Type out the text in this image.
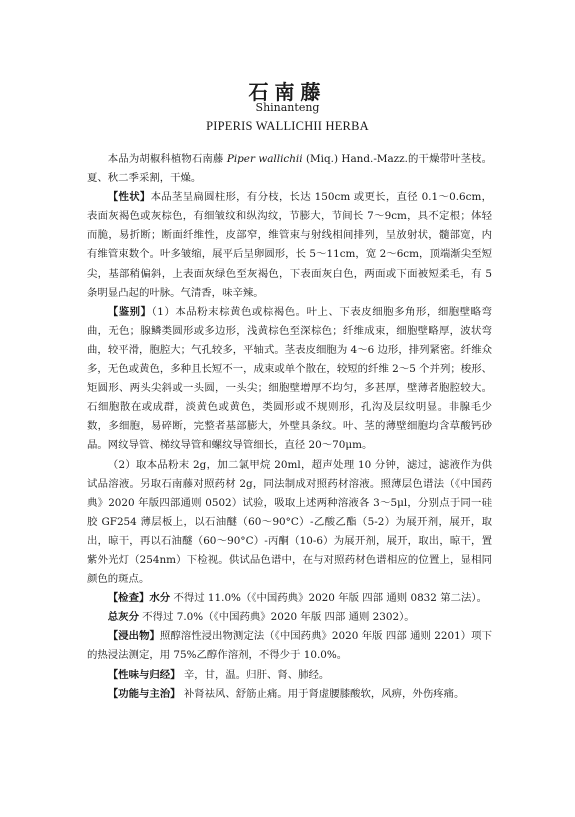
石南藤
Shinanteng
PIPERIS WALLICHII HERBA

本品为胡椒科植物石南藤 Piper wallichii (Miq.) Hand.-Mazz.的干燥带叶茎枝。夏、秋二季采割，干燥。

【性状】本品茎呈扁圆柱形，有分枝，长达 150cm 或更长，直径 0.1～0.6cm，表面灰褐色或灰棕色，有细皱纹和纵沟纹，节膨大，节间长 7～9cm，具不定根；体轻而脆，易折断；断面纤维性，皮部窄，维管束与射线相间排列，呈放射状，髓部宽，内有维管束数个。叶多皱缩，展平后呈卵圆形，长 5～11cm，宽 2～6cm，顶端渐尖至短尖，基部稍偏斜，上表面灰绿色至灰褐色，下表面灰白色，两面或下面被短柔毛，有 5 条明显凸起的叶脉。气清香，味辛辣。

【鉴别】（1）本品粉末棕黄色或棕褐色。叶上、下表皮细胞多角形，细胞壁略弯曲，无色；腺鳞类圆形或多边形，浅黄棕色至深棕色；纤维成束，细胞壁略厚，波状弯曲，较平滑，胞腔大；气孔较多，平轴式。茎表皮细胞为 4～6 边形，排列紧密。纤维众多，无色或黄色，多种且长短不一，成束或单个散在，较短的纤维 2～5 个并列；梭形、矩圆形、两头尖斜或一头圆，一头尖；细胞壁增厚不均匀，多甚厚，壁薄者胞腔较大。石细胞散在或成群，淡黄色或黄色，类圆形或不规则形，孔沟及层纹明显。非腺毛少数，多细胞，易碎断，完整者基部膨大，外壁具条纹。叶、茎的薄壁细胞均含草酸钙砂晶。网纹导管、梯纹导管和螺纹导管细长，直径 20～70μm。

（2）取本品粉末 2g，加二氯甲烷 20ml，超声处理 10 分钟，滤过，滤液作为供试品溶液。另取石南藤对照药材 2g，同法制成对照药材溶液。照薄层色谱法（《中国药典》2020 年版四部通则 0502）试验，吸取上述两种溶液各 3～5μl，分别点于同一硅胶 GF254 薄层板上，以石油醚（60～90°C）-乙酸乙酯（5-2）为展开剂，展开，取出，晾干，再以石油醚（60～90°C）-丙酮（10-6）为展开剂，展开，取出，晾干，置紫外光灯（254nm）下检视。供试品色谱中，在与对照药材色谱相应的位置上，显相同颜色的斑点。

【检查】水分 不得过 11.0%（《中国药典》2020 年版 四部 通则 0832 第二法）。

总灰分 不得过 7.0%（《中国药典》2020 年版 四部 通则 2302）。

【浸出物】照醇溶性浸出物测定法（《中国药典》2020 年版 四部 通则 2201）项下的热浸法测定，用 75%乙醇作溶剂，不得少于 10.0%。

【性味与归经】 辛，甘，温。归肝、肾、肺经。

【功能与主治】 补肾祛风、舒筋止痛。用于肾虚腰膝酸软，风痹，外伤疼痛。
